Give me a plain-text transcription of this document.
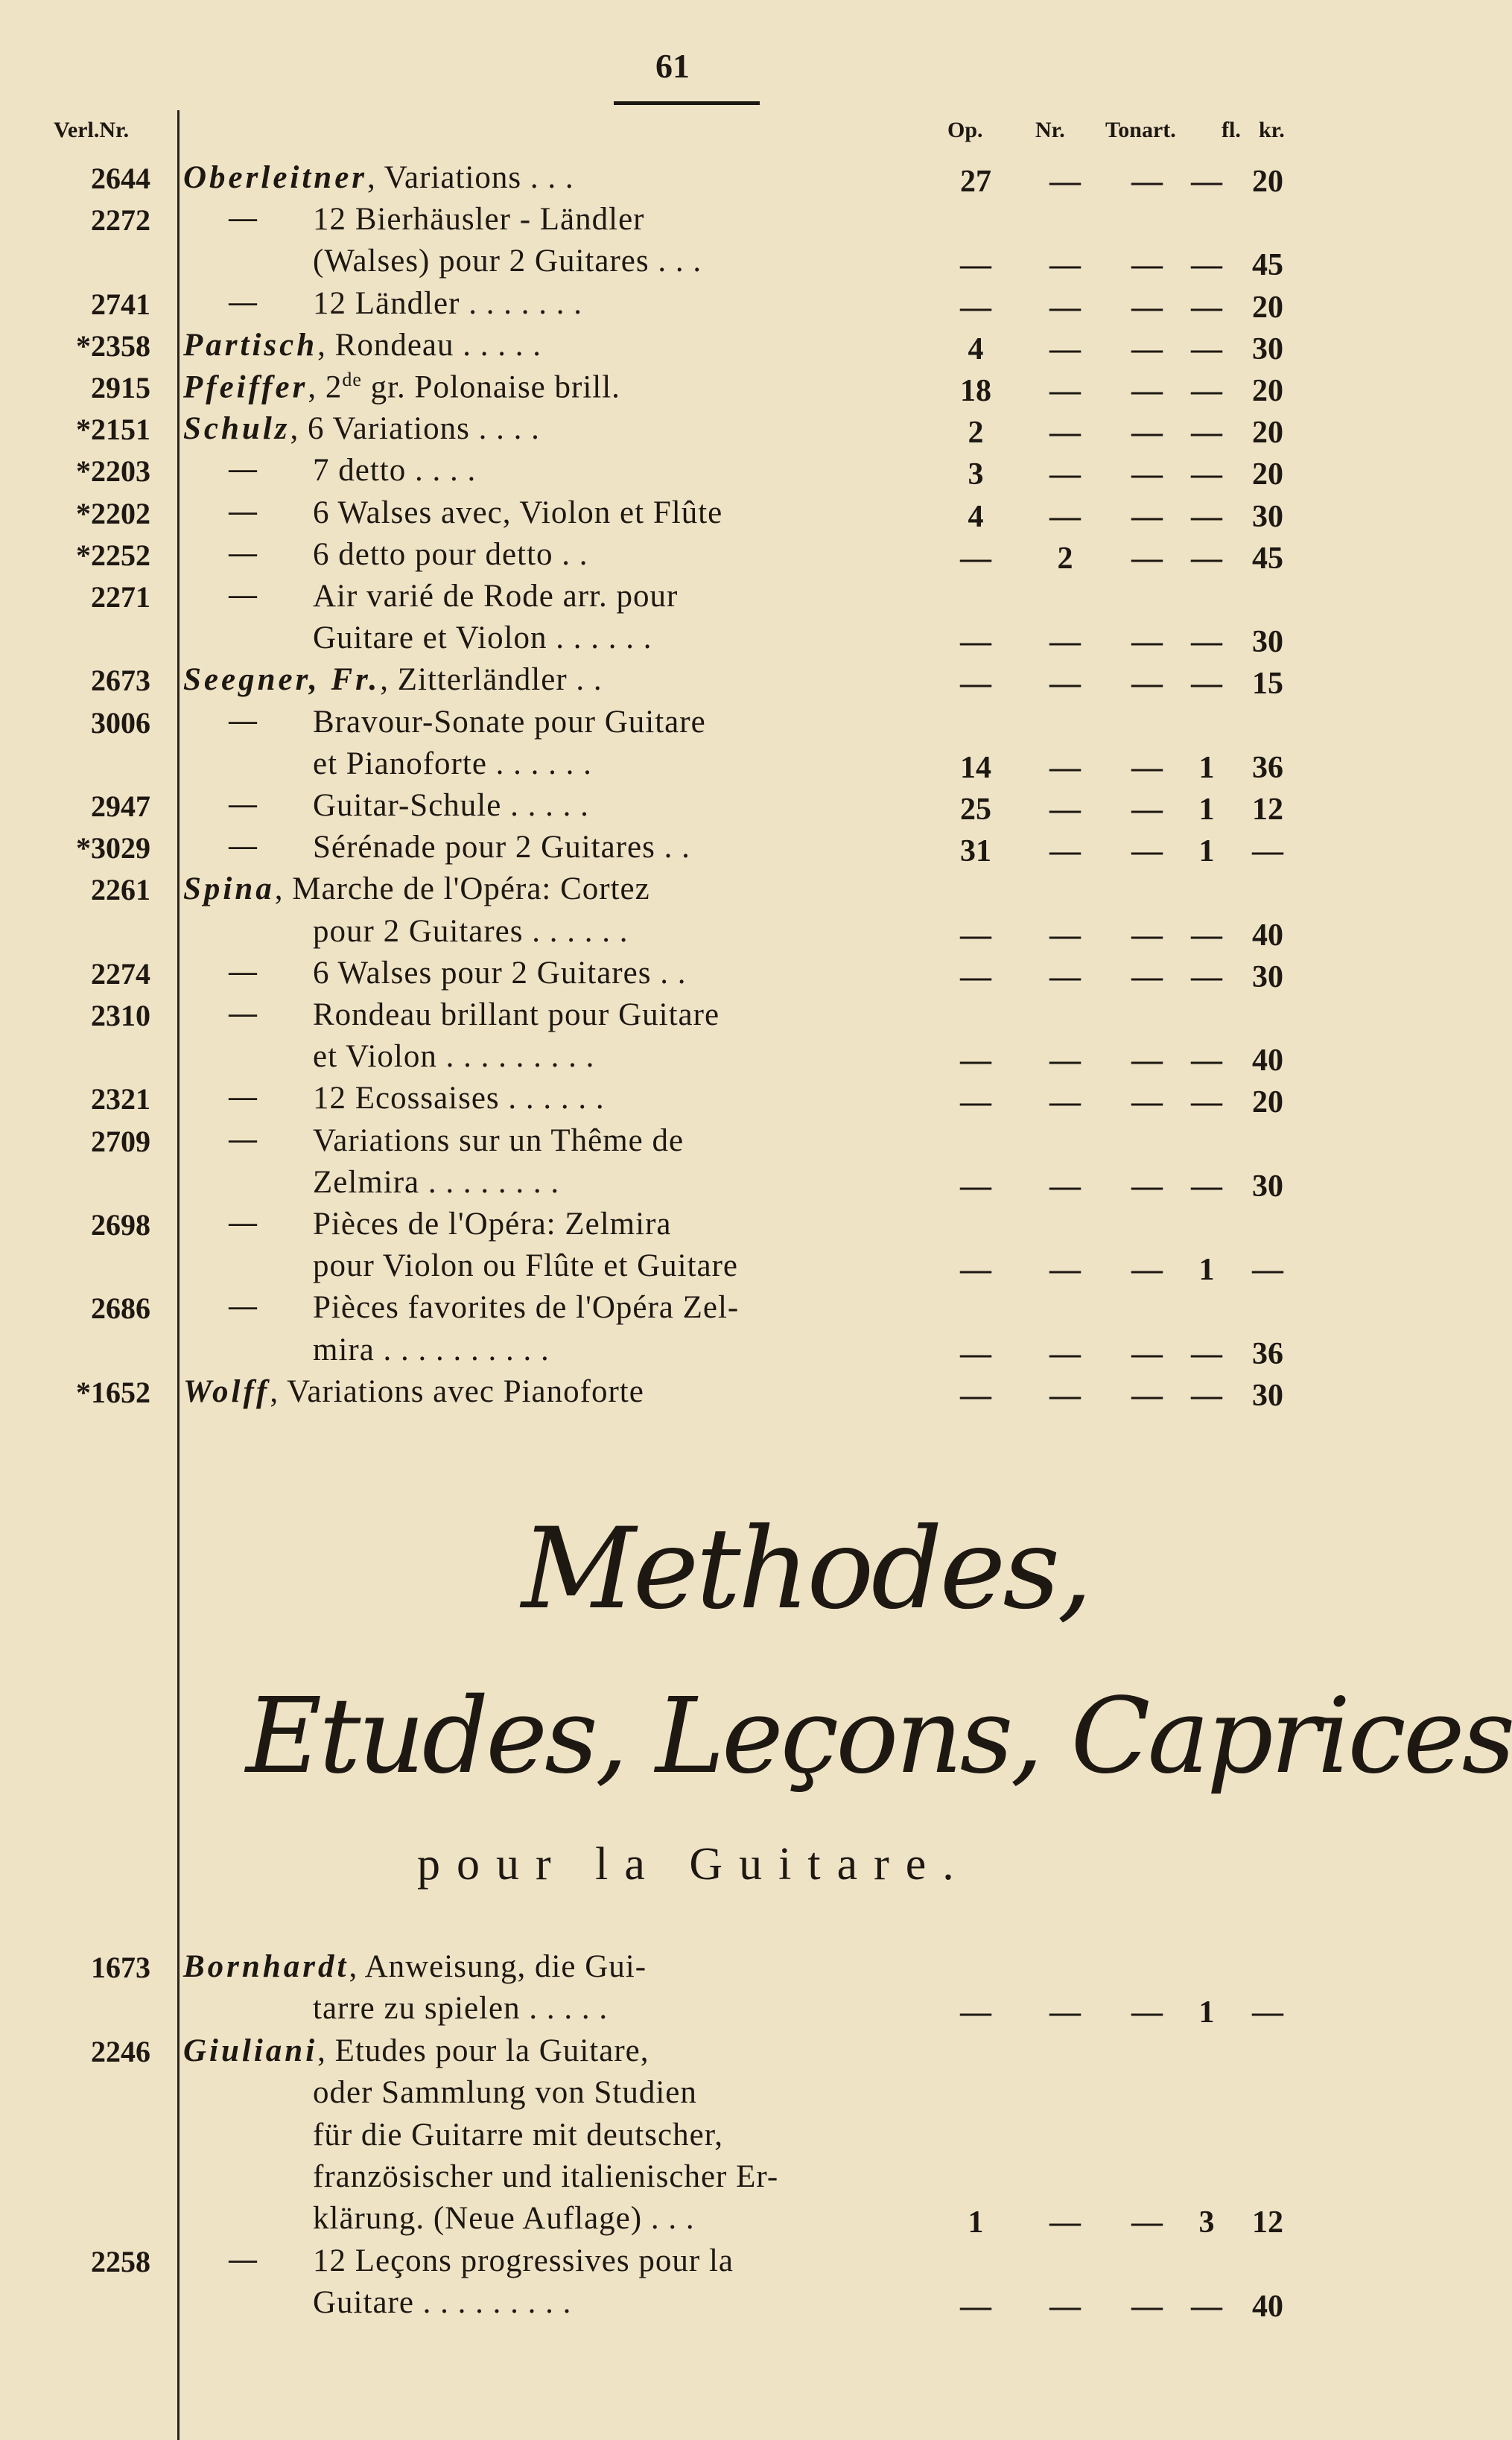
61
Verl.Nr.	Op. Nr. Tonart. fl. kr.
2644 Oberleitner, Variations . . .	27	—	— — 20
2272 — 12 Bierhäusler - Ländler
(Walses) pour 2 Guitares . . .	—	—	— — 45
2741 — 12 Ländler . . . . . . .	—	—	— — 20
*2358 Partisch, Rondeau . . . . .	4	—	— — 30
2915 Pfeiffer, 2de gr. Polonaise brill.	18	—	— — 20
*2151 Schulz, 6 Variations . . . .	2	—	— — 20
*2203 — 7 detto . . . .	3	—	— — 20
*2202 — 6 Walses avec, Violon et Flûte	4	—	— — 30
*2252 — 6 detto pour detto . .	—	2	— — 45
2271 — Air varié de Rode arr. pour
Guitare et Violon . . . . . .	—	—	— — 30
2673 Seegner, Fr., Zitterländler . .	—	—	— — 15
3006 — Bravour-Sonate pour Guitare
et Pianoforte . . . . . .	14	—	—	1	36
2947 — Guitar-Schule . . . . .	25	—	—	1	12
*3029 — Sérénade pour 2 Guitares . .	31	—	—	1	—
2261 Spina, Marche de l'Opéra: Cortez
pour 2 Guitares . . . . . .	—	—	— — 40
2274 — 6 Walses pour 2 Guitares . .	—	—	— — 30
2310 — Rondeau brillant pour Guitare
et Violon . . . . . . . . .	—	—	— — 40
2321 — 12 Ecossaises . . . . . .	—	—	— — 20
2709 — Variations sur un Thême de
Zelmira . . . . . . . .	—	—	— — 30
2698 — Pièces de l'Opéra: Zelmira
pour Violon ou Flûte et Guitare	—	—	—	1	—
2686 — Pièces favorites de l'Opéra Zel-
mira . . . . . . . . . .	—	—	— — 36
*1652 Wolff, Variations avec Pianoforte	—	—	— — 30
Methodes,
Etudes, Leçons, Caprices
pour la Guitare.
1673 Bornhardt, Anweisung, die Gui-
tarre zu spielen . . . . .	—	—	—	1	—
2246 Giuliani, Etudes pour la Guitare,
oder Sammlung von Studien
für die Guitarre mit deutscher,
französischer und italienischer Er-
klärung. (Neue Auflage) . . .	1	—	—	3	12
2258 — 12 Leçons progressives pour la
Guitare . . . . . . . . .	—	—	— — 40
